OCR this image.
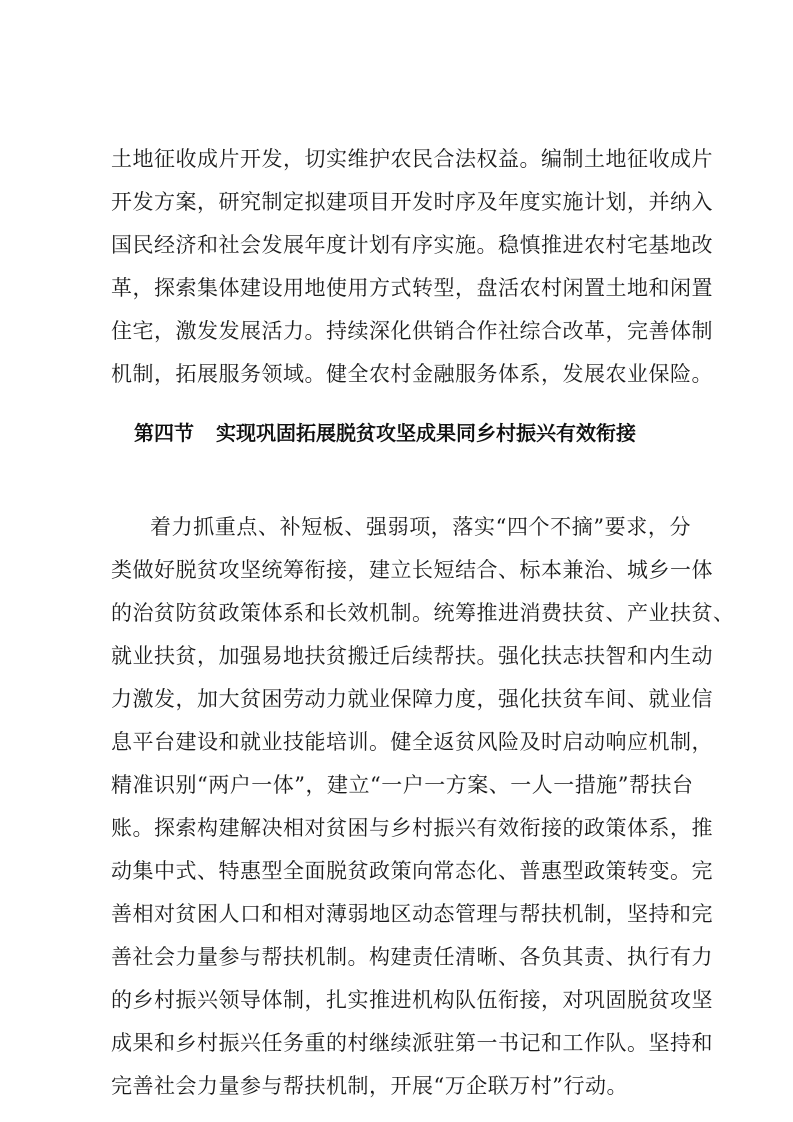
土地征收成片开发，切实维护农民合法权益。编制土地征收成片
开发方案，研究制定拟建项目开发时序及年度实施计划，并纳入
国民经济和社会发展年度计划有序实施。稳慎推进农村宅基地改
革，探索集体建设用地使用方式转型，盘活农村闲置土地和闲置
住宅，激发发展活力。持续深化供销合作社综合改革，完善体制
机制，拓展服务领域。健全农村金融服务体系，发展农业保险。
第四节 实现巩固拓展脱贫攻坚成果同乡村振兴有效衔接
着力抓重点、补短板、强弱项，落实“四个不摘”要求，分
类做好脱贫攻坚统筹衔接，建立长短结合、标本兼治、城乡一体
的治贫防贫政策体系和长效机制。统筹推进消费扶贫、产业扶贫、
就业扶贫，加强易地扶贫搬迁后续帮扶。强化扶志扶智和内生动
力激发，加大贫困劳动力就业保障力度，强化扶贫车间、就业信
息平台建设和就业技能培训。健全返贫风险及时启动响应机制，
精准识别“两户一体”，建立“一户一方案、一人一措施”帮扶台
账。探索构建解决相对贫困与乡村振兴有效衔接的政策体系，推
动集中式、特惠型全面脱贫政策向常态化、普惠型政策转变。完
善相对贫困人口和相对薄弱地区动态管理与帮扶机制，坚持和完
善社会力量参与帮扶机制。构建责任清晰、各负其责、执行有力
的乡村振兴领导体制，扎实推进机构队伍衔接，对巩固脱贫攻坚
成果和乡村振兴任务重的村继续派驻第一书记和工作队。坚持和
完善社会力量参与帮扶机制，开展“万企联万村”行动。
